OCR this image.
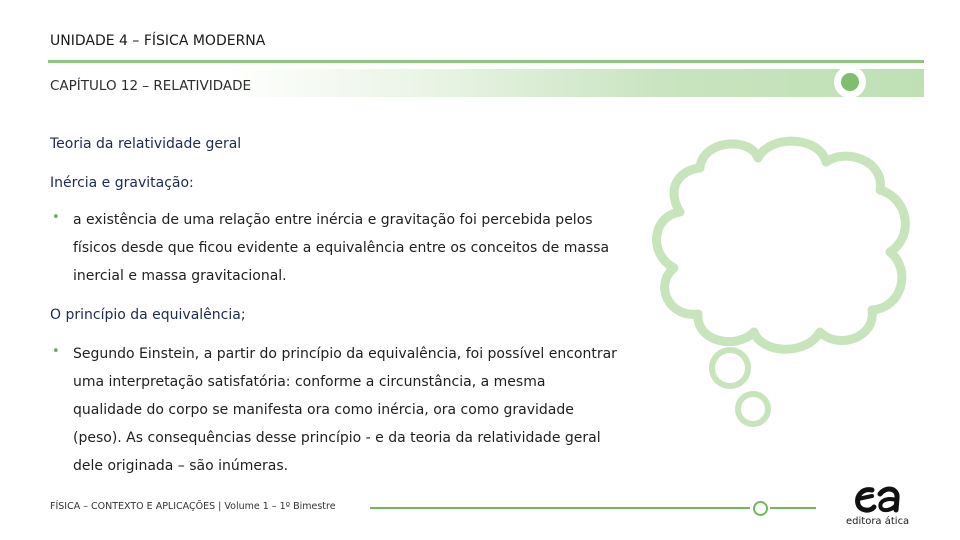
UNIDADE 4 – FÍSICA MODERNA
CAPÍTULO 12 – RELATIVIDADE
Teoria da relatividade geral
Inércia e gravitação:
• a existência de uma relação entre inércia e gravitação foi percebida pelos físicos desde que ficou evidente a equivalência entre os conceitos de massa inercial e massa gravitacional.
O princípio da equivalência;
• Segundo Einstein, a partir do princípio da equivalência, foi possível encontrar uma interpretação satisfatória: conforme a circunstância, a mesma qualidade do corpo se manifesta ora como inércia, ora como gravidade (peso). As consequências desse princípio - e da teoria da relatividade geral dele originada – são inúmeras.
FÍSICA – CONTEXTO E APLICAÇÕES | Volume 1 – 1º Bimestre
editora ática
